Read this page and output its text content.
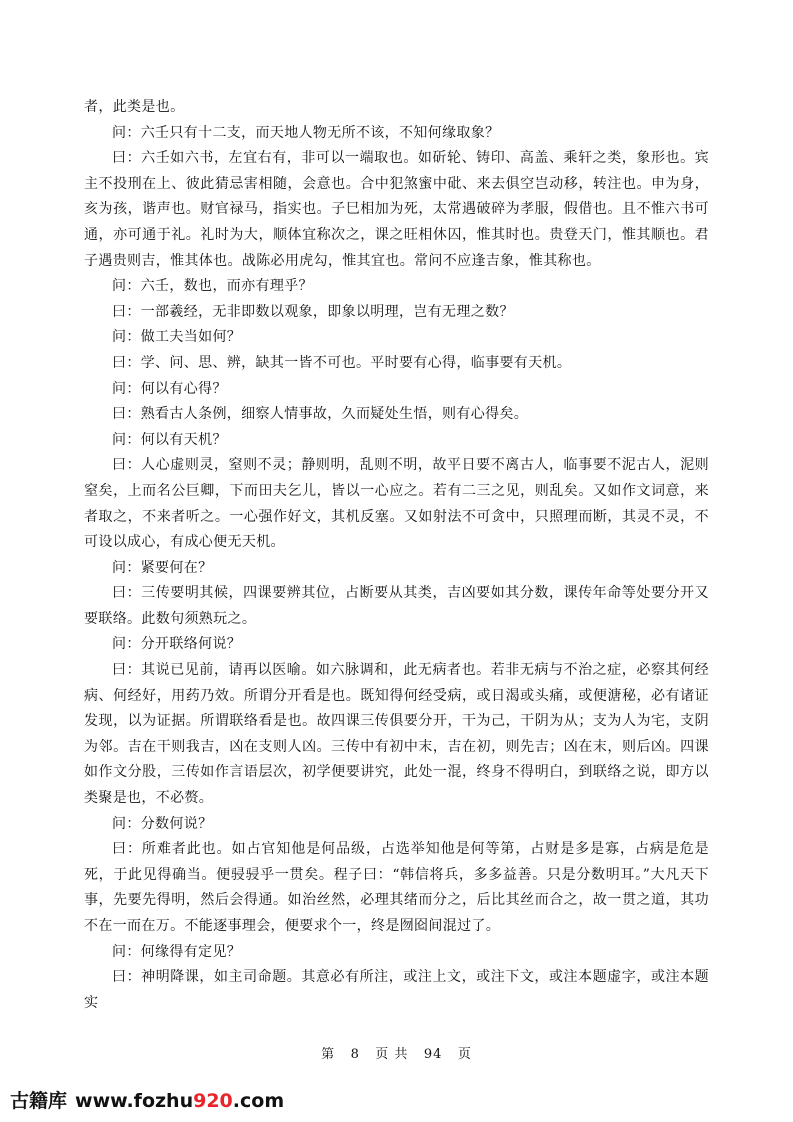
者，此类是也。

问：六壬只有十二支，而天地人物无所不该，不知何缘取象？

曰：六壬如六书，左宜右有，非可以一端取也。如斫轮、铸印、高盖、乘轩之类，象形也。宾主不投刑在上、彼此猜忌害相随，会意也。合中犯煞蜜中砒、来去俱空岂动移，转注也。申为身，亥为孩，谐声也。财官禄马，指实也。子巳相加为死，太常遇破碎为孝服，假借也。且不惟六书可通，亦可通于礼。礼时为大，顺体宜称次之，课之旺相休囚，惟其时也。贵登天门，惟其顺也。君子遇贵则吉，惟其体也。战陈必用虎勾，惟其宜也。常问不应逢吉象，惟其称也。

问：六壬，数也，而亦有理乎？

曰：一部羲经，无非即数以观象，即象以明理，岂有无理之数？

问：做工夫当如何？

曰：学、问、思、辨，缺其一皆不可也。平时要有心得，临事要有天机。

问：何以有心得？

曰：熟看古人条例，细察人情事故，久而疑处生悟，则有心得矣。

问：何以有天机？

曰：人心虚则灵，窒则不灵；静则明，乱则不明，故平日要不离古人，临事要不泥古人，泥则窒矣，上而名公巨卿，下而田夫乞儿，皆以一心应之。若有二三之见，则乱矣。又如作文词意，来者取之，不来者听之。一心强作好文，其机反塞。又如射法不可贪中，只照理而断，其灵不灵，不可设以成心，有成心便无天机。

问：紧要何在？

曰：三传要明其候，四课要辨其位，占断要从其类，吉凶要如其分数，课传年命等处要分开又要联络。此数句须熟玩之。

问：分开联络何说？

曰：其说已见前，请再以医喻。如六脉调和，此无病者也。若非无病与不治之症，必察其何经病、何经好，用药乃效。所谓分开看是也。既知得何经受病，或日渴或头痛，或便溏秘，必有诸证发现，以为证据。所谓联络看是也。故四课三传俱要分开，干为己，干阴为从；支为人为宅，支阴为邻。吉在干则我吉，凶在支则人凶。三传中有初中末，吉在初，则先吉；凶在末，则后凶。四课如作文分股，三传如作言语层次，初学便要讲究，此处一混，终身不得明白，到联络之说，即方以类聚是也，不必赘。

问：分数何说？

曰：所难者此也。如占官知他是何品级，占选举知他是何等第，占财是多是寡，占病是危是死，于此见得确当。便骎骎乎一贯矣。程子曰：“韩信将兵，多多益善。只是分数明耳。”大凡天下事，先要先得明，然后会得通。如治丝然，必理其绪而分之，后比其丝而合之，故一贯之道，其功不在一而在万。不能逐事理会，便要求个一，终是囫囵间混过了。

问：何缘得有定见？

曰：神明降课，如主司命题。其意必有所注，或注上文，或注下文，或注本题虚字，或注本题实

第 8 页 共 94 页
古籍库 www.fozhu920.com
